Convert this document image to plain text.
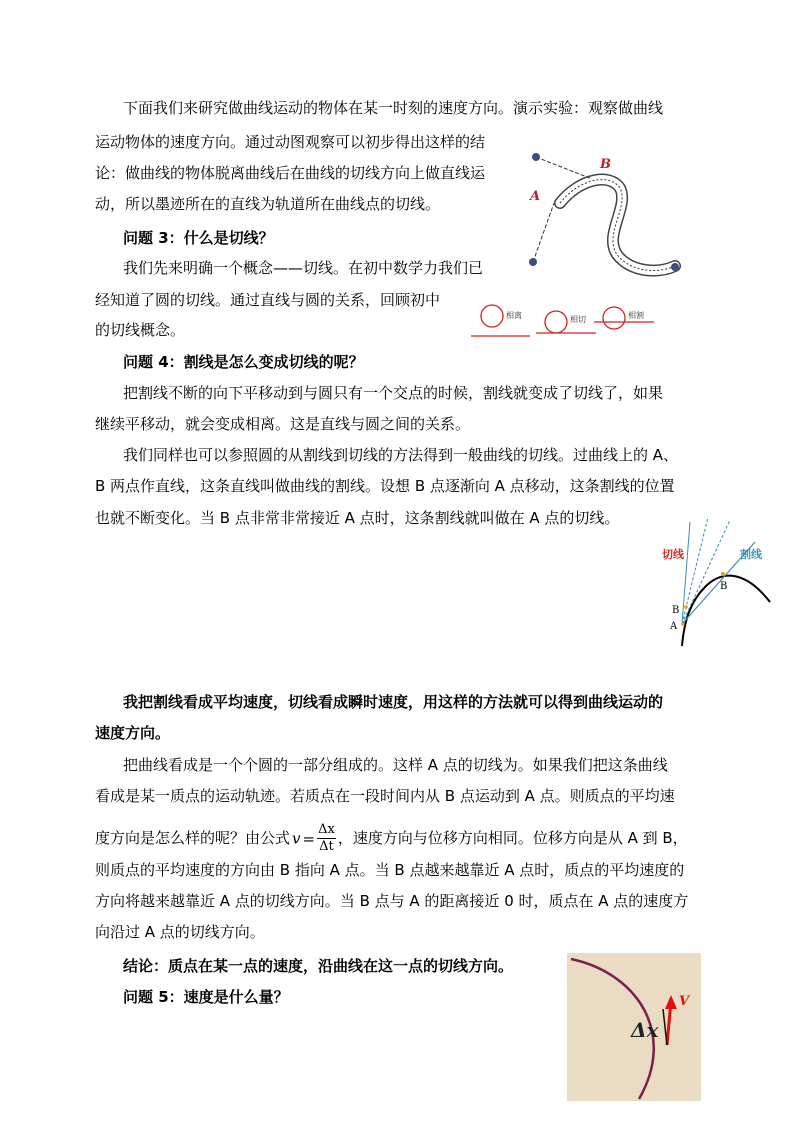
下面我们来研究做曲线运动的物体在某一时刻的速度方向。演示实验：观察做曲线
运动物体的速度方向。通过动图观察可以初步得出这样的结
论：做曲线的物体脱离曲线后在曲线的切线方向上做直线运
动，所以墨迹所在的直线为轨道所在曲线点的切线。
问题 3：什么是切线？
我们先来明确一个概念——切线。在初中数学力我们已
经知道了圆的切线。通过直线与圆的关系，回顾初中
的切线概念。
问题 4：割线是怎么变成切线的呢？
把割线不断的向下平移动到与圆只有一个交点的时候，割线就变成了切线了，如果
继续平移动，就会变成相离。这是直线与圆之间的关系。
我们同样也可以参照圆的从割线到切线的方法得到一般曲线的切线。过曲线上的 A、
B 两点作直线，这条直线叫做曲线的割线。设想 B 点逐渐向 A 点移动，这条割线的位置
也就不断变化。当 B 点非常非常接近 A 点时，这条割线就叫做在 A 点的切线。
我把割线看成平均速度，切线看成瞬时速度，用这样的方法就可以得到曲线运动的
速度方向。
把曲线看成是一个个圆的一部分组成的。这样 A 点的切线为。如果我们把这条曲线
看成是某一质点的运动轨迹。若质点在一段时间内从 B 点运动到 A 点。则质点的平均速
度方向是怎么样的呢？由公式 $v = \frac{\Delta x}{\Delta t}$ ，速度方向与位移方向相同。位移方向是从 A 到 B，
则质点的平均速度的方向由 B 指向 A 点。当 B 点越来越靠近 A 点时，质点的平均速度的
方向将越来越靠近 A 点的切线方向。当 B 点与 A 的距离接近 0 时，质点在 A 点的速度方
向沿过 A 点的切线方向。
结论：质点在某一点的速度，沿曲线在这一点的切线方向。
问题 5：速度是什么量？
A
B
相离	相切	相割
切线	割线
B
A
B
V
Δx
